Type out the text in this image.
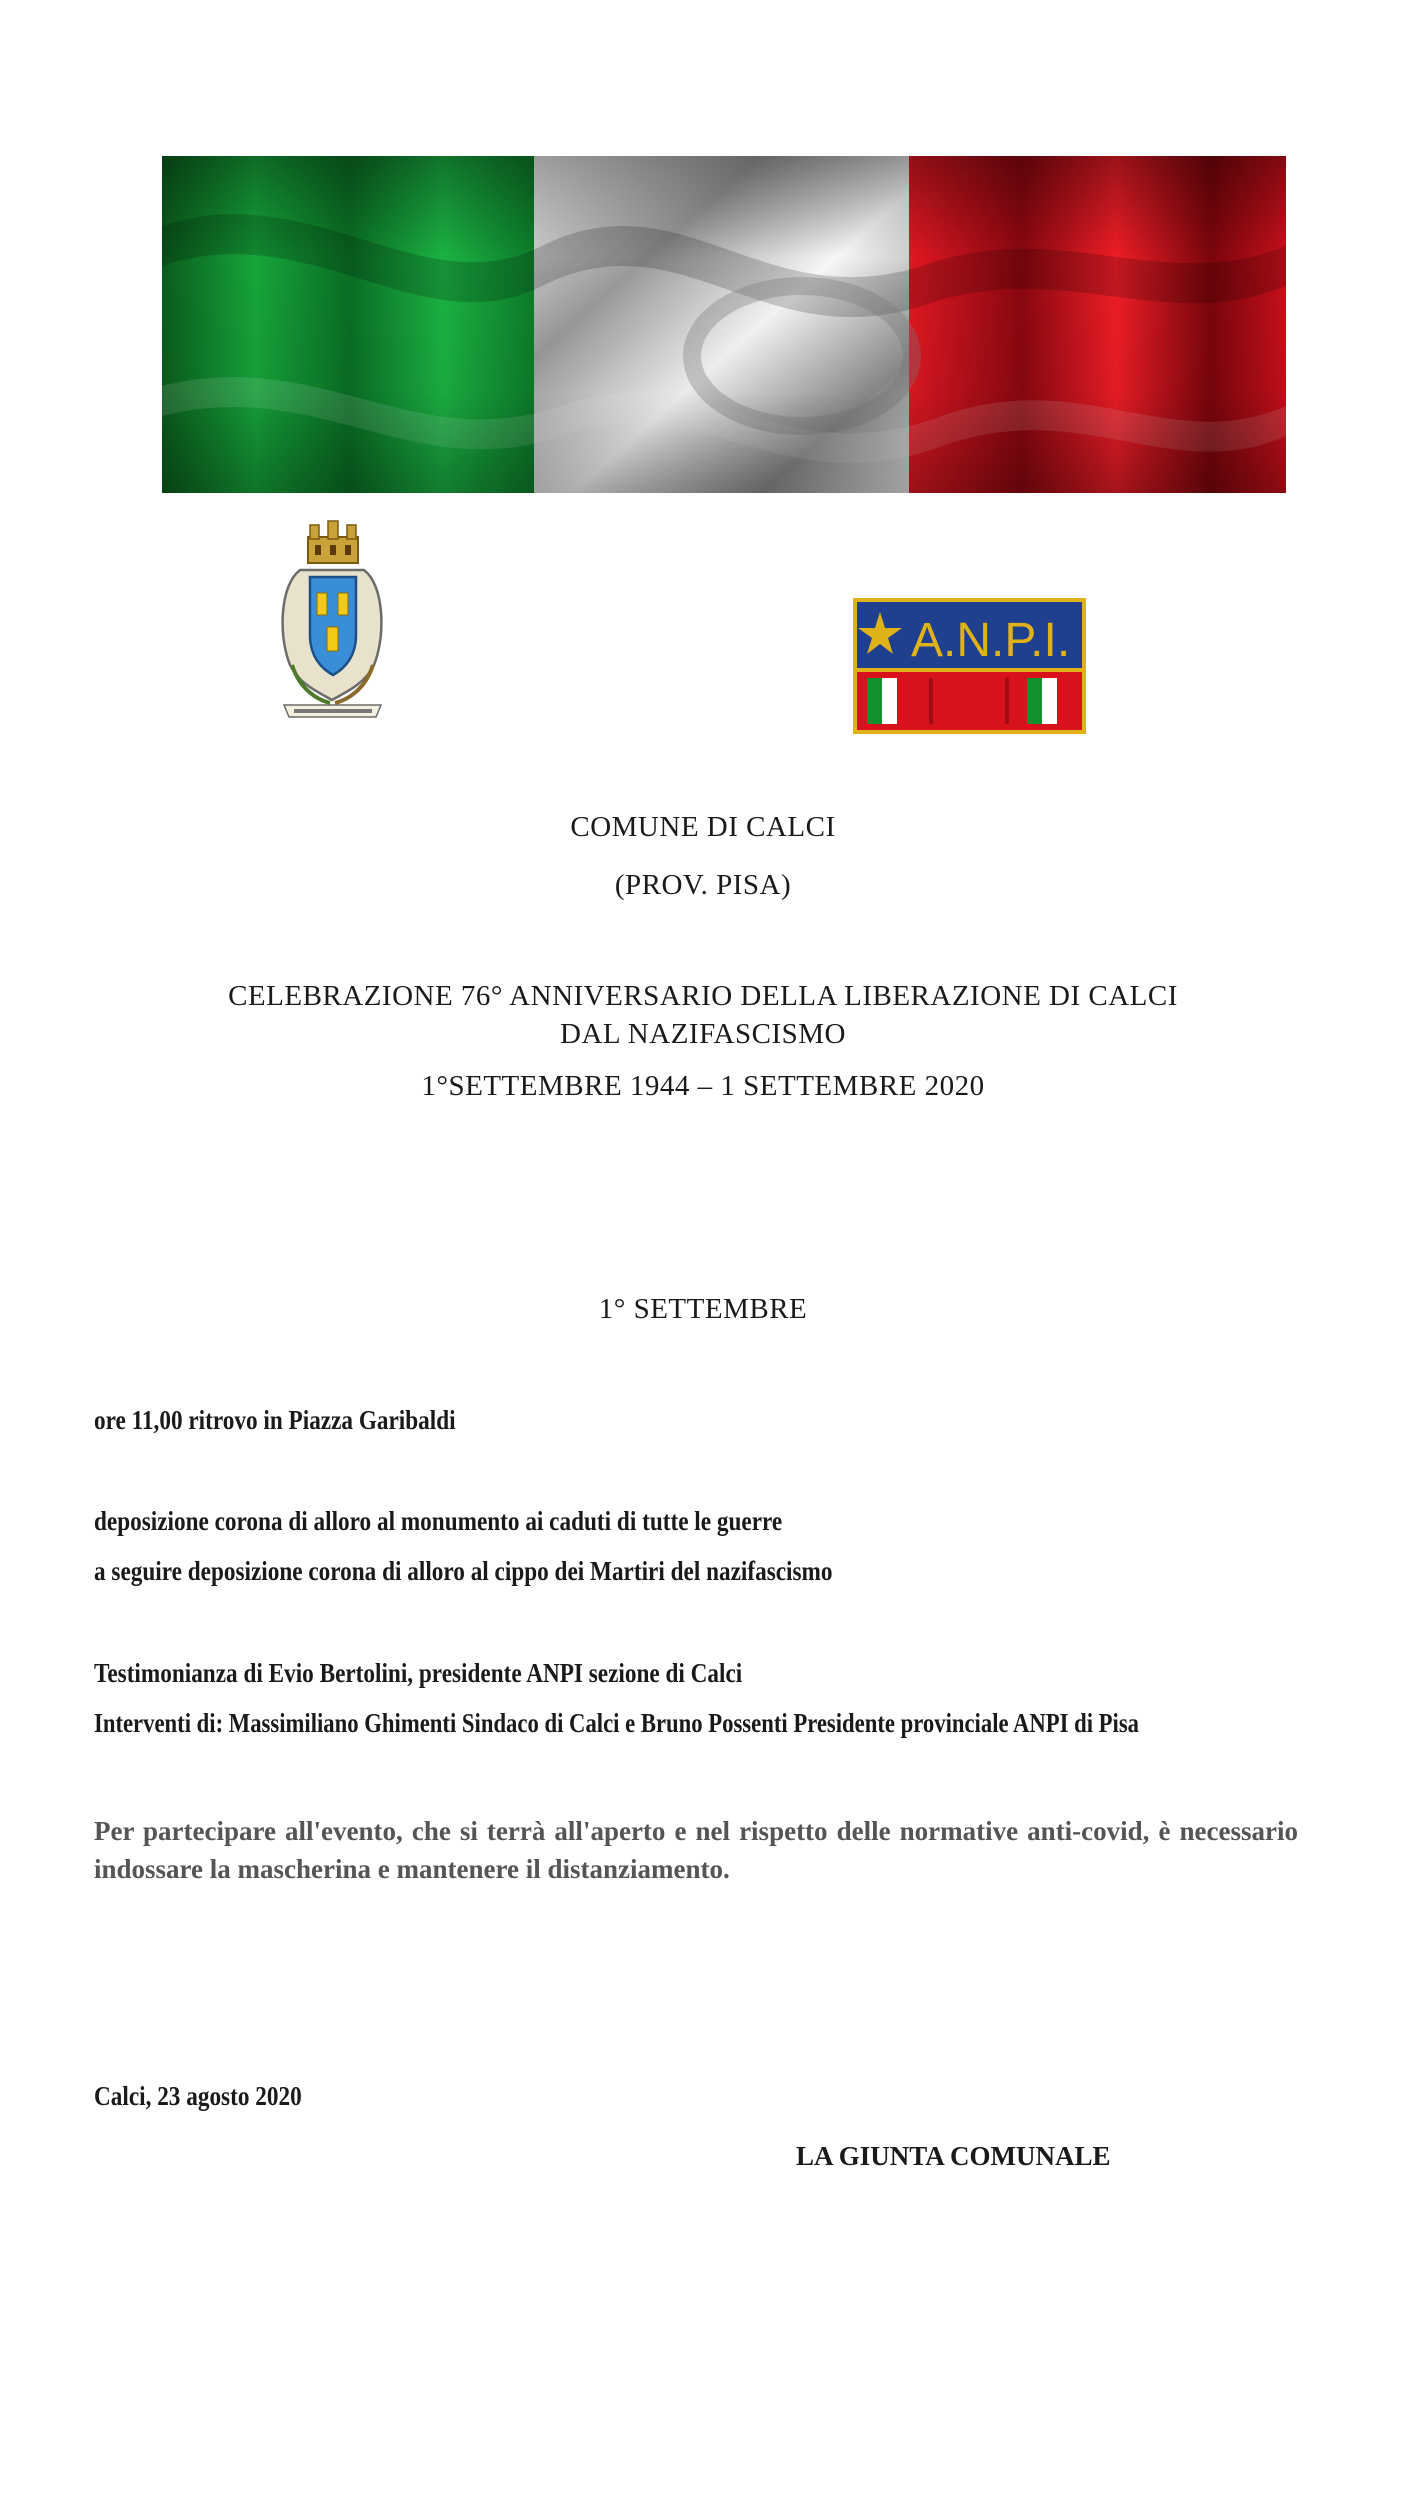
A.N.P.I.
COMUNE DI CALCI
(PROV. PISA)
CELEBRAZIONE 76° ANNIVERSARIO DELLA LIBERAZIONE DI CALCI
DAL NAZIFASCISMO
1°SETTEMBRE 1944 – 1 SETTEMBRE 2020
1° SETTEMBRE
ore 11,00 ritrovo in Piazza Garibaldi
deposizione corona di alloro al monumento ai caduti di tutte le guerre
a seguire deposizione corona di alloro al cippo dei Martiri del nazifascismo
Testimonianza di Evio Bertolini, presidente ANPI sezione di Calci
Interventi di: Massimiliano Ghimenti Sindaco di Calci e Bruno Possenti Presidente provinciale ANPI di Pisa
Per partecipare all'evento, che si terrà all'aperto e nel rispetto delle normative anti-covid, è necessario indossare la mascherina e mantenere il distanziamento.
Calci, 23 agosto 2020
LA GIUNTA COMUNALE
